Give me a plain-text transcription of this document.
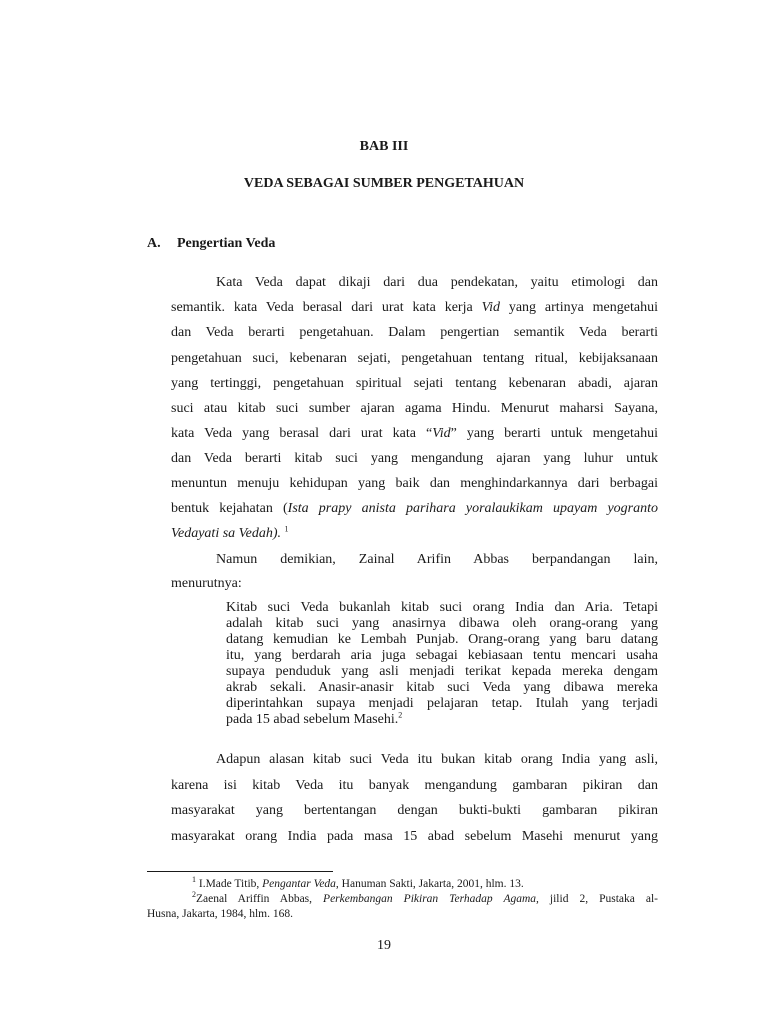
BAB III
VEDA SEBAGAI SUMBER PENGETAHUAN
A. Pengertian Veda
Kata Veda dapat dikaji dari dua pendekatan, yaitu etimologi dan
semantik. kata Veda berasal dari urat kata kerja Vid yang artinya mengetahui
dan Veda berarti pengetahuan. Dalam pengertian semantik Veda berarti
pengetahuan suci, kebenaran sejati, pengetahuan tentang ritual, kebijaksanaan
yang tertinggi, pengetahuan spiritual sejati tentang kebenaran abadi, ajaran
suci atau kitab suci sumber ajaran agama Hindu. Menurut maharsi Sayana,
kata Veda yang berasal dari urat kata “Vid” yang berarti untuk mengetahui
dan Veda berarti kitab suci yang mengandung ajaran yang luhur untuk
menuntun menuju kehidupan yang baik dan menghindarkannya dari berbagai
bentuk kejahatan (Ista prapy anista parihara yoralaukikam upayam yogranto
Vedayati sa Vedah). $^1$
Namun demikian, Zainal Arifin Abbas berpandangan lain,
menurutnya:
Kitab suci Veda bukanlah kitab suci orang India dan Aria. Tetapi
adalah kitab suci yang anasirnya dibawa oleh orang-orang yang
datang kemudian ke Lembah Punjab. Orang-orang yang baru datang
itu, yang berdarah aria juga sebagai kebiasaan tentu mencari usaha
supaya penduduk yang asli menjadi terikat kepada mereka dengam
akrab sekali. Anasir-anasir kitab suci Veda yang dibawa mereka
diperintahkan supaya menjadi pelajaran tetap. Itulah yang terjadi
pada 15 abad sebelum Masehi.$^2$
Adapun alasan kitab suci Veda itu bukan kitab orang India yang asli,
karena isi kitab Veda itu banyak mengandung gambaran pikiran dan
masyarakat yang bertentangan dengan bukti-bukti gambaran pikiran
masyarakat orang India pada masa 15 abad sebelum Masehi menurut yang
$^1$ I.Made Titib, Pengantar Veda, Hanuman Sakti, Jakarta, 2001, hlm. 13.
$^2$Zaenal Ariffin Abbas, Perkembangan Pikiran Terhadap Agama, jilid 2, Pustaka al-
Husna, Jakarta, 1984, hlm. 168.
19
